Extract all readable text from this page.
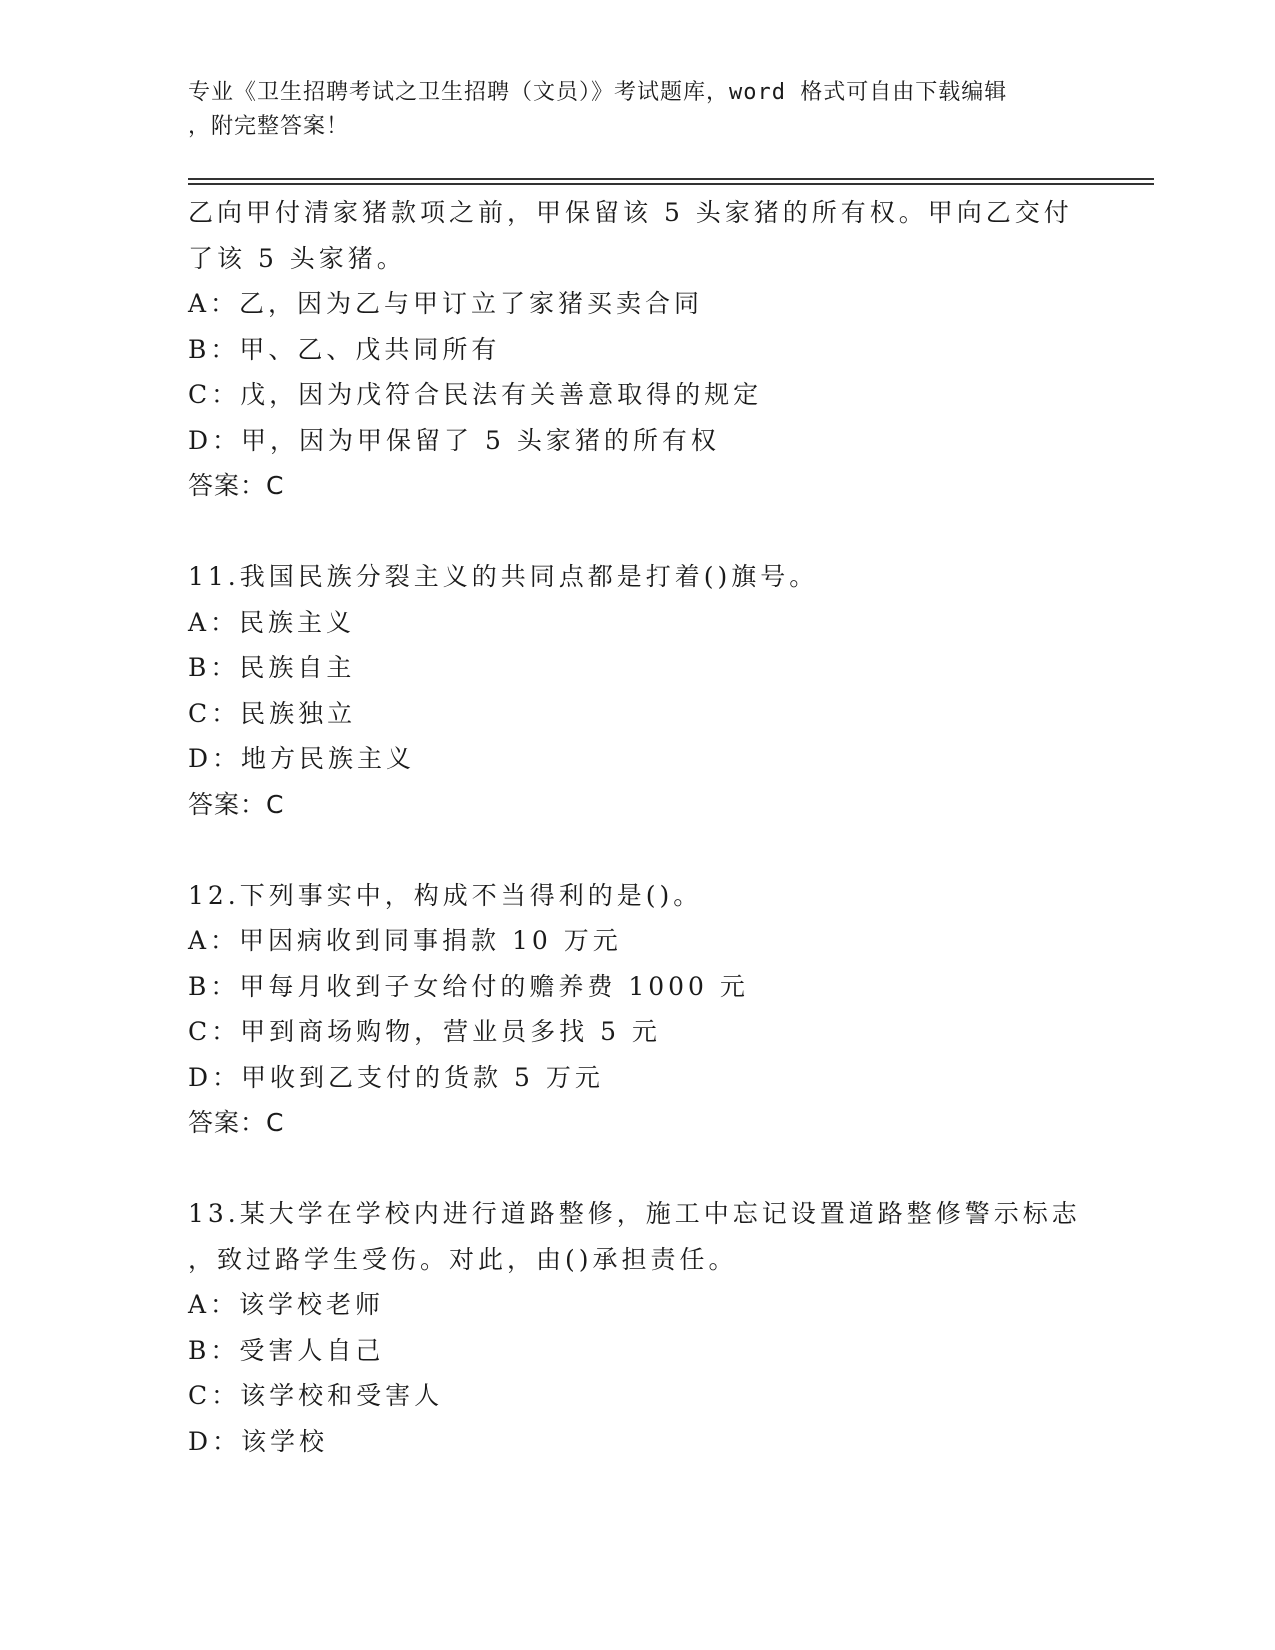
专业《卫生招聘考试之卫生招聘（文员）》考试题库，word 格式可自由下载编辑
，附完整答案！
乙向甲付清家猪款项之前，甲保留该 5 头家猪的所有权。甲向乙交付
了该 5 头家猪。
A：乙，因为乙与甲订立了家猪买卖合同
B：甲、乙、戊共同所有
C：戊，因为戊符合民法有关善意取得的规定
D：甲，因为甲保留了 5 头家猪的所有权
答案：C
11.我国民族分裂主义的共同点都是打着()旗号。
A：民族主义
B：民族自主
C：民族独立
D：地方民族主义
答案：C
12.下列事实中，构成不当得利的是()。
A：甲因病收到同事捐款 10 万元
B：甲每月收到子女给付的赡养费 1000 元
C：甲到商场购物，营业员多找 5 元
D：甲收到乙支付的货款 5 万元
答案：C
13.某大学在学校内进行道路整修，施工中忘记设置道路整修警示标志
，致过路学生受伤。对此，由()承担责任。
A：该学校老师
B：受害人自己
C：该学校和受害人
D：该学校
